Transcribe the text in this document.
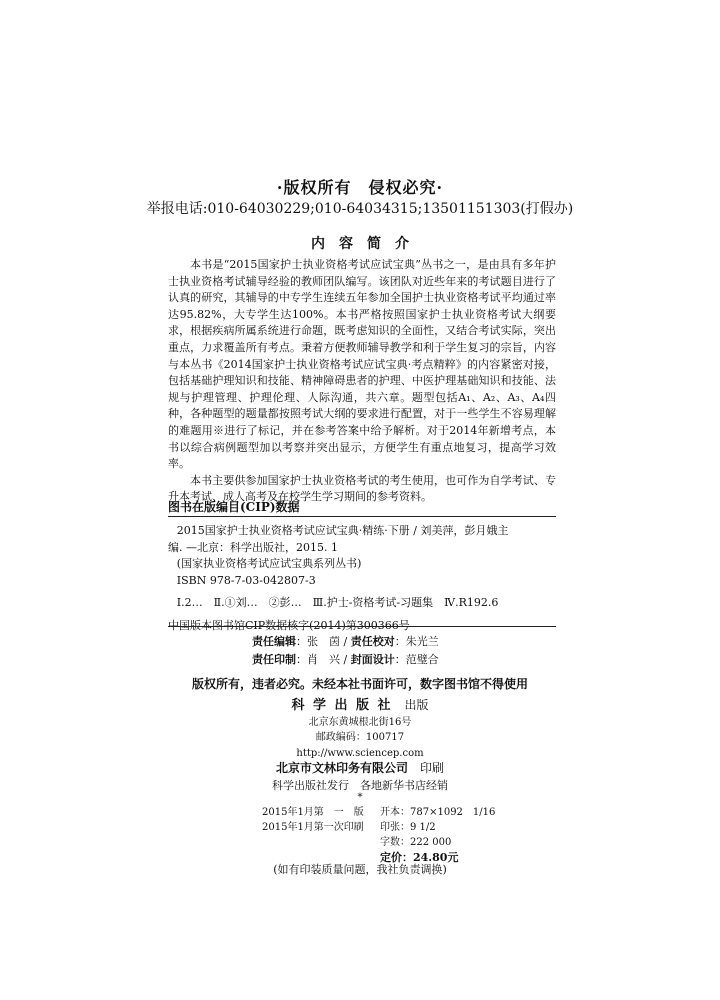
·版权所有　侵权必究·
举报电话:010-64030229;010-64034315;13501151303(打假办)
内　容　简　介

本书是“2015国家护士执业资格考试应试宝典”丛书之一，是由具有多年护士执业资格考试辅导经验的教师团队编写。该团队对近些年来的考试题目进行了认真的研究，其辅导的中专学生连续五年参加全国护士执业资格考试平均通过率达95.82%，大专学生达100%。本书严格按照国家护士执业资格考试大纲要求，根据疾病所属系统进行命题，既考虑知识的全面性，又结合考试实际，突出重点，力求覆盖所有考点。秉着方便教师辅导教学和利于学生复习的宗旨，内容与本丛书《2014国家护士执业资格考试应试宝典·考点精粹》的内容紧密对接，包括基础护理知识和技能、精神障碍患者的护理、中医护理基础知识和技能、法规与护理管理、护理伦理、人际沟通，共六章。题型包括A₁、A₂、A₃、A₄四种，各种题型的题量都按照考试大纲的要求进行配置，对于一些学生不容易理解的难题用※进行了标记，并在参考答案中给予解析。对于2014年新增考点，本书以综合病例题型加以考察并突出显示，方便学生有重点地复习，提高学习效率。

本书主要供参加国家护士执业资格考试的考生使用，也可作为自学考试、专升本考试、成人高考及在校学生学习期间的参考资料。

图书在版编目(CIP)数据
2015国家护士执业资格考试应试宝典·精练·下册 / 刘美萍，彭月娥主
编. —北京：科学出版社，2015. 1
(国家执业资格考试应试宝典系列丛书)
ISBN 978-7-03-042807-3
Ⅰ.2…　Ⅱ.①刘…　②彭…　Ⅲ.护士-资格考试-习题集　Ⅳ.R192.6
中国版本图书馆CIP数据核字(2014)第300366号
责任编辑：张　茵 / 责任校对：朱光兰
责任印制：肖　兴 / 封面设计：范璧合
版权所有，违者必究。未经本社书面许可，数字图书馆不得使用
科 学 出 版 社　出版
北京东黄城根北街16号
邮政编码：100717
http://www.sciencep.com
北京市文林印务有限公司　印刷
科学出版社发行　各地新华书店经销
*
2015年1月第　一　版 开本：787×1092　1/16
2015年1月第一次印刷 印张：9 1/2
字数：222 000
定价：24.80元
(如有印装质量问题，我社负责调换)
